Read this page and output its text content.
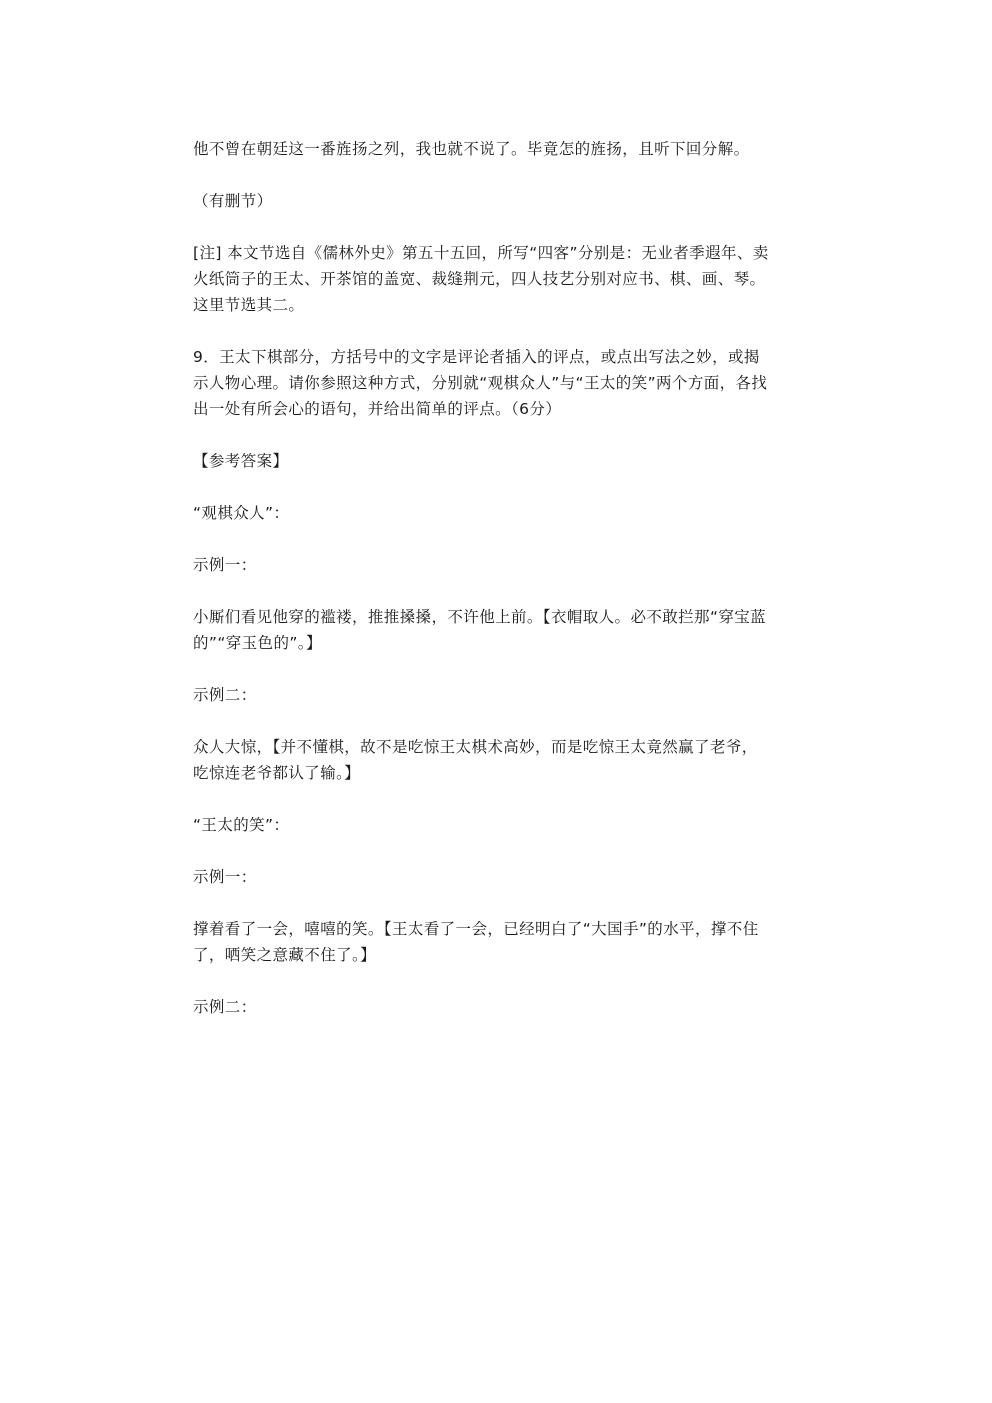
他不曾在朝廷这一番旌扬之列，我也就不说了。毕竟怎的旌扬，且听下回分解。

（有删节）

[注] 本文节选自《儒林外史》第五十五回，所写“四客”分别是：无业者季遐年、卖火纸筒子的王太、开茶馆的盖宽、裁缝荆元，四人技艺分别对应书、棋、画、琴。这里节选其二。

9．王太下棋部分，方括号中的文字是评论者插入的评点，或点出写法之妙，或揭示人物心理。请你参照这种方式，分别就“观棋众人”与“王太的笑”两个方面，各找出一处有所会心的语句，并给出简单的评点。（6分）

【参考答案】

“观棋众人”：

示例一：

小厮们看见他穿的褴褛，推推搡搡，不许他上前。【衣帽取人。必不敢拦那“穿宝蓝的”“穿玉色的”。】

示例二：

众人大惊，【并不懂棋，故不是吃惊王太棋术高妙，而是吃惊王太竟然赢了老爷，吃惊连老爷都认了输。】

“王太的笑”：

示例一：

撑着看了一会，嘻嘻的笑。【王太看了一会，已经明白了“大国手”的水平，撑不住了，哂笑之意藏不住了。】

示例二：
